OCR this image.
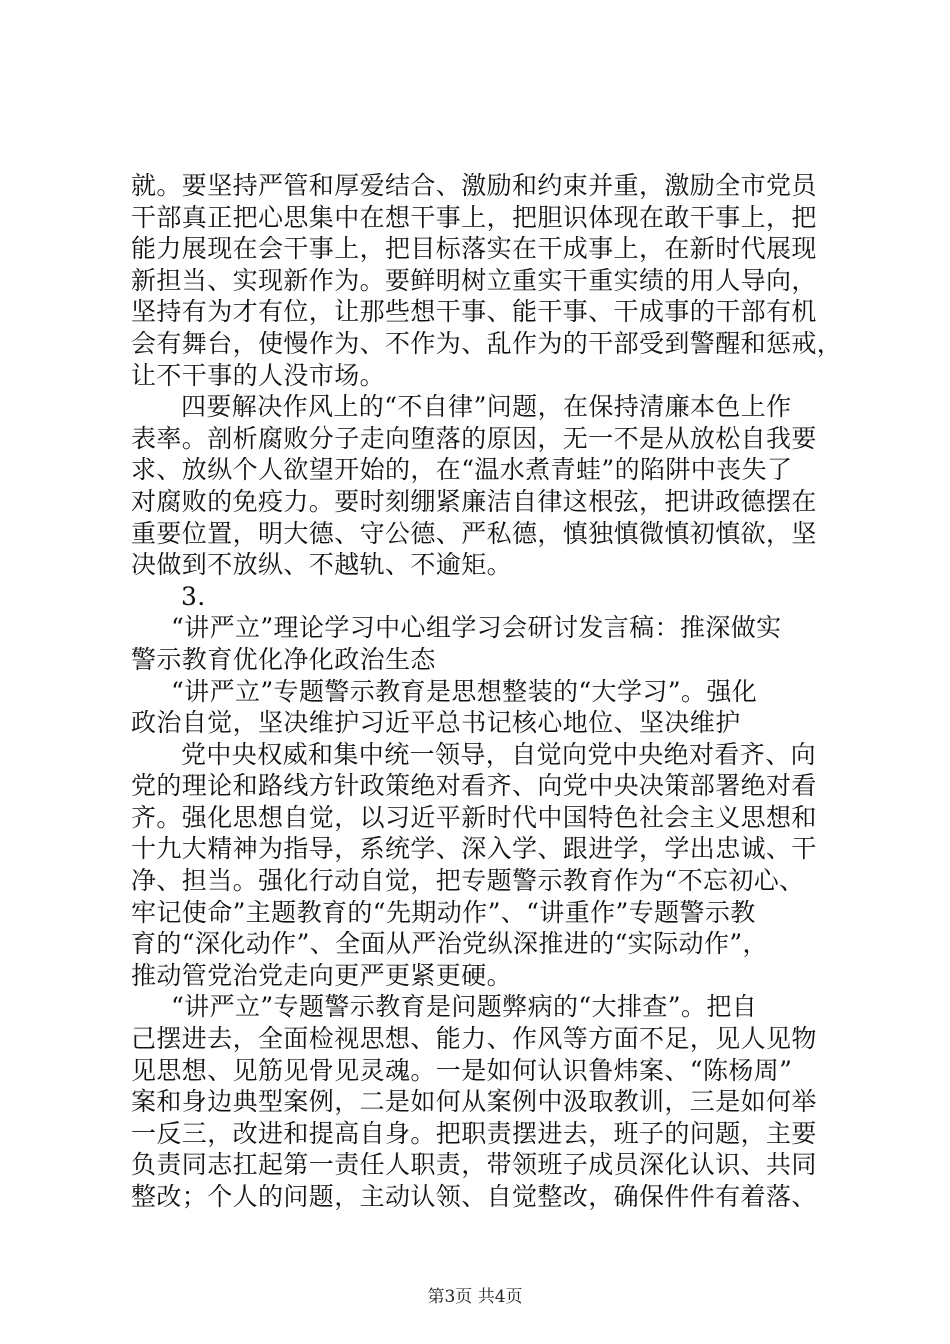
就。要坚持严管和厚爱结合、激励和约束并重，激励全市党员
干部真正把心思集中在想干事上，把胆识体现在敢干事上，把
能力展现在会干事上，把目标落实在干成事上，在新时代展现
新担当、实现新作为。要鲜明树立重实干重实绩的用人导向，
坚持有为才有位，让那些想干事、能干事、干成事的干部有机
会有舞台，使慢作为、不作为、乱作为的干部受到警醒和惩戒，
让不干事的人没市场。
四要解决作风上的“不自律”问题，在保持清廉本色上作
表率。剖析腐败分子走向堕落的原因，无一不是从放松自我要
求、放纵个人欲望开始的，在“温水煮青蛙”的陷阱中丧失了
对腐败的免疫力。要时刻绷紧廉洁自律这根弦，把讲政德摆在
重要位置，明大德、守公德、严私德，慎独慎微慎初慎欲，坚
决做到不放纵、不越轨、不逾矩。
3.
“讲严立”理论学习中心组学习会研讨发言稿：推深做实
警示教育优化净化政治生态
“讲严立”专题警示教育是思想整装的“大学习”。强化
政治自觉，坚决维护习近平总书记核心地位、坚决维护
党中央权威和集中统一领导，自觉向党中央绝对看齐、向
党的理论和路线方针政策绝对看齐、向党中央决策部署绝对看
齐。强化思想自觉，以习近平新时代中国特色社会主义思想和
十九大精神为指导，系统学、深入学、跟进学，学出忠诚、干
净、担当。强化行动自觉，把专题警示教育作为“不忘初心、
牢记使命”主题教育的“先期动作”、“讲重作”专题警示教
育的“深化动作”、全面从严治党纵深推进的“实际动作”，
推动管党治党走向更严更紧更硬。
“讲严立”专题警示教育是问题弊病的“大排查”。把自
己摆进去，全面检视思想、能力、作风等方面不足，见人见物
见思想、见筋见骨见灵魂。一是如何认识鲁炜案、“陈杨周”
案和身边典型案例，二是如何从案例中汲取教训，三是如何举
一反三，改进和提高自身。把职责摆进去，班子的问题，主要
负责同志扛起第一责任人职责，带领班子成员深化认识、共同
整改；个人的问题，主动认领、自觉整改，确保件件有着落、
第3页 共4页
